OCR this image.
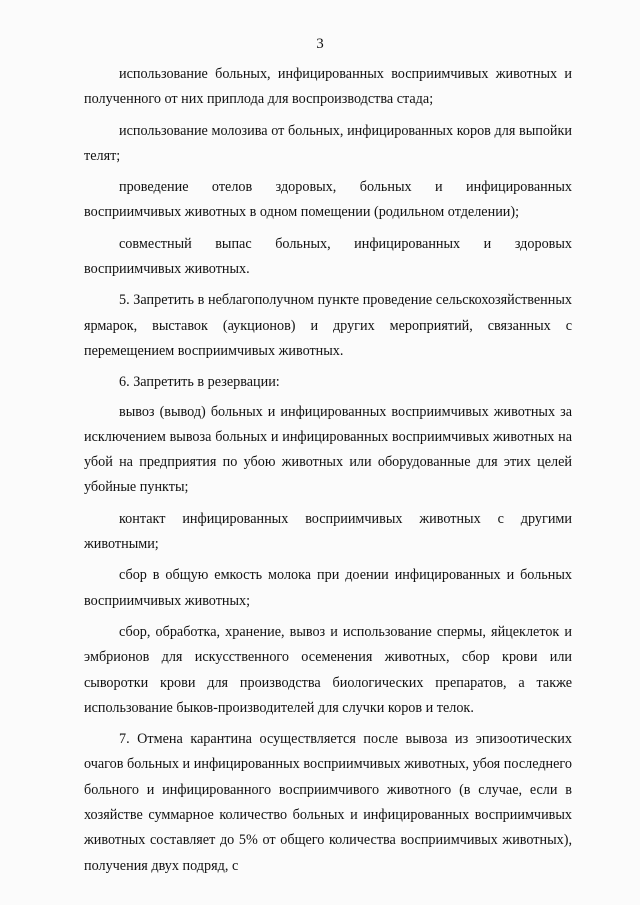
3

использование больных, инфицированных восприимчивых животных и полученного от них приплода для воспроизводства стада;

использование молозива от больных, инфицированных коров для выпойки телят;

проведение отелов здоровых, больных и инфицированных восприимчивых животных в одном помещении (родильном отделении);

совместный выпас больных, инфицированных и здоровых восприимчивых животных.

5. Запретить в неблагополучном пункте проведение сельскохозяйственных ярмарок, выставок (аукционов) и других мероприятий, связанных с перемещением восприимчивых животных.

6. Запретить в резервации:

вывоз (вывод) больных и инфицированных восприимчивых животных за исключением вывоза больных и инфицированных восприимчивых животных на убой на предприятия по убою животных или оборудованные для этих целей убойные пункты;

контакт инфицированных восприимчивых животных с другими животными;

сбор в общую емкость молока при доении инфицированных и больных восприимчивых животных;

сбор, обработка, хранение, вывоз и использование спермы, яйцеклеток и эмбрионов для искусственного осеменения животных, сбор крови или сыворотки крови для производства биологических препаратов, а также использование быков-производителей для случки коров и телок.

7. Отмена карантина осуществляется после вывоза из эпизоотических очагов больных и инфицированных восприимчивых животных, убоя последнего больного и инфицированного восприимчивого животного (в случае, если в хозяйстве суммарное количество больных и инфицированных восприимчивых животных составляет до 5% от общего количества восприимчивых животных), получения двух подряд, с
